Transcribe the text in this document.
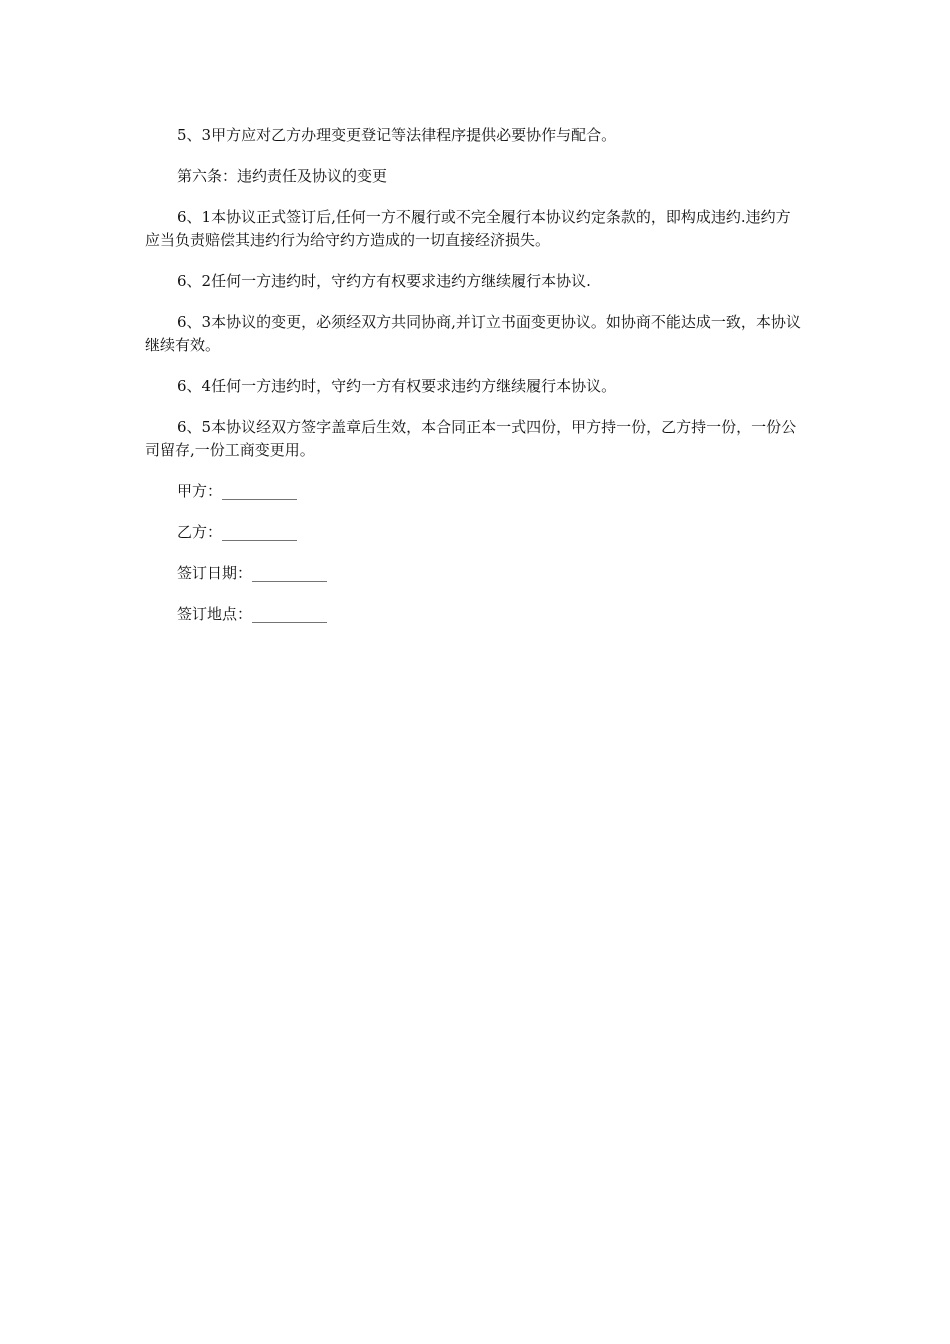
5、3甲方应对乙方办理变更登记等法律程序提供必要协作与配合。

第六条：违约责任及协议的变更

6、1本协议正式签订后,任何一方不履行或不完全履行本协议约定条款的，即构成违约.违约方应当负责赔偿其违约行为给守约方造成的一切直接经济损失。

6、2任何一方违约时，守约方有权要求违约方继续履行本协议.

6、3本协议的变更，必须经双方共同协商,并订立书面变更协议。如协商不能达成一致，本协议继续有效。

6、4任何一方违约时，守约一方有权要求违约方继续履行本协议。

6、5本协议经双方签字盖章后生效，本合同正本一式四份，甲方持一份，乙方持一份，一份公司留存,一份工商变更用。

甲方：__________

乙方：__________

签订日期：__________

签订地点：__________
